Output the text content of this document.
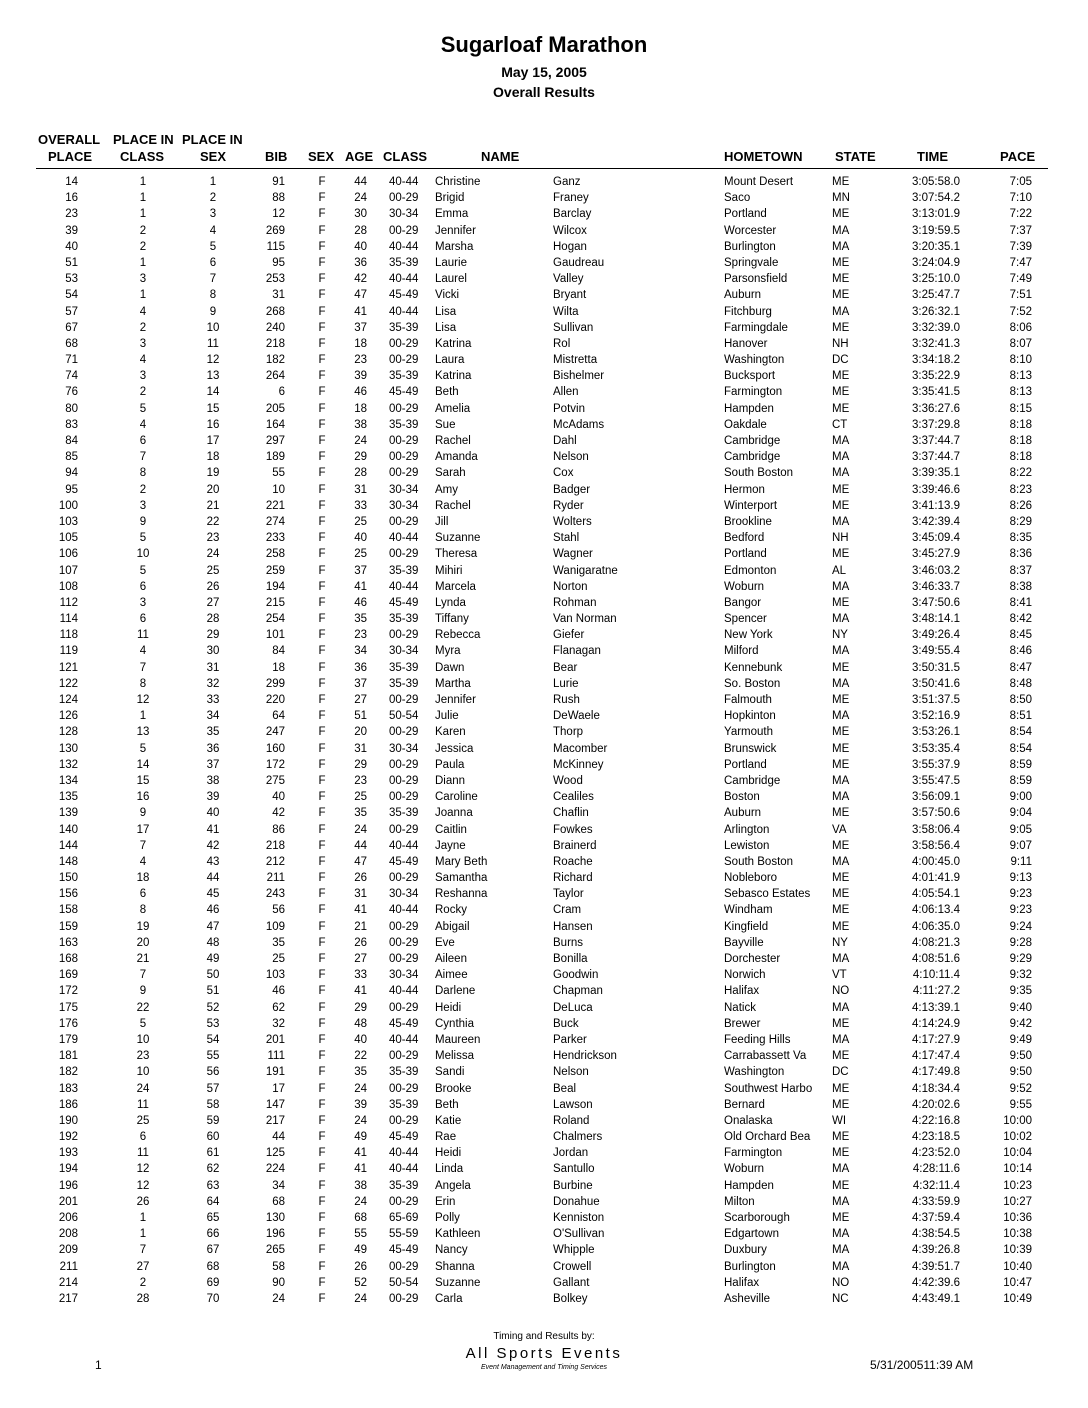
Sugarloaf Marathon
May 15, 2005
Overall Results
OVERALL PLACE IN PLACE IN
PLACE CLASS	SEX	BIB SEX AGE CLASS	NAME	HOMETOWN	STATE	TIME	PACE
14	1	1	91	F	44 40-44 Christine	Ganz	Mount Desert	ME	3:05:58.0	7:05
16	1	2	88	F	24 00-29 Brigid	Franey	Saco	MN	3:07:54.2	7:10
23	1	3	12	F	30 30-34 Emma	Barclay	Portland	ME	3:13:01.9	7:22
39	2	4	269	F	28 00-29 Jennifer	Wilcox	Worcester	MA	3:19:59.5	7:37
40	2	5	115	F	40 40-44 Marsha	Hogan	Burlington	MA	3:20:35.1	7:39
51	1	6	95	F	36 35-39 Laurie	Gaudreau	Springvale	ME	3:24:04.9	7:47
53	3	7	253	F	42 40-44 Laurel	Valley	Parsonsfield	ME	3:25:10.0	7:49
54	1	8	31	F	47 45-49 Vicki	Bryant	Auburn	ME	3:25:47.7	7:51
57	4	9	268	F	41 40-44 Lisa	Wilta	Fitchburg	MA	3:26:32.1	7:52
67	2	10	240	F	37 35-39 Lisa	Sullivan	Farmingdale	ME	3:32:39.0	8:06
68	3	11	218	F	18 00-29 Katrina	Rol	Hanover	NH	3:32:41.3	8:07
71	4	12	182	F	23 00-29 Laura	Mistretta	Washington	DC	3:34:18.2	8:10
74	3	13	264	F	39 35-39 Katrina	Bishelmer	Bucksport	ME	3:35:22.9	8:13
76	2	14	6	F	46 45-49 Beth	Allen	Farmington	ME	3:35:41.5	8:13
80	5	15	205	F	18 00-29 Amelia	Potvin	Hampden	ME	3:36:27.6	8:15
83	4	16	164	F	38 35-39 Sue	McAdams	Oakdale	CT	3:37:29.8	8:18
84	6	17	297	F	24 00-29 Rachel	Dahl	Cambridge	MA	3:37:44.7	8:18
85	7	18	189	F	29 00-29 Amanda	Nelson	Cambridge	MA	3:37:44.7	8:18
94	8	19	55	F	28 00-29 Sarah	Cox	South Boston	MA	3:39:35.1	8:22
95	2	20	10	F	31 30-34 Amy	Badger	Hermon	ME	3:39:46.6	8:23
100	3	21	221	F	33 30-34 Rachel	Ryder	Winterport	ME	3:41:13.9	8:26
103	9	22	274	F	25 00-29 Jill	Wolters	Brookline	MA	3:42:39.4	8:29
105	5	23	233	F	40 40-44 Suzanne	Stahl	Bedford	NH	3:45:09.4	8:35
106	10	24	258	F	25 00-29 Theresa	Wagner	Portland	ME	3:45:27.9	8:36
107	5	25	259	F	37 35-39 Mihiri	Wanigaratne	Edmonton	AL	3:46:03.2	8:37
108	6	26	194	F	41 40-44 Marcela	Norton	Woburn	MA	3:46:33.7	8:38
112	3	27	215	F	46 45-49 Lynda	Rohman	Bangor	ME	3:47:50.6	8:41
114	6	28	254	F	35 35-39 Tiffany	Van Norman	Spencer	MA	3:48:14.1	8:42
118	11	29	101	F	23 00-29 Rebecca	Giefer	New York	NY	3:49:26.4	8:45
119	4	30	84	F	34 30-34 Myra	Flanagan	Milford	MA	3:49:55.4	8:46
121	7	31	18	F	36 35-39 Dawn	Bear	Kennebunk	ME	3:50:31.5	8:47
122	8	32	299	F	37 35-39 Martha	Lurie	So. Boston	MA	3:50:41.6	8:48
124	12	33	220	F	27 00-29 Jennifer	Rush	Falmouth	ME	3:51:37.5	8:50
126	1	34	64	F	51 50-54 Julie	DeWaele	Hopkinton	MA	3:52:16.9	8:51
128	13	35	247	F	20 00-29 Karen	Thorp	Yarmouth	ME	3:53:26.1	8:54
130	5	36	160	F	31 30-34 Jessica	Macomber	Brunswick	ME	3:53:35.4	8:54
132	14	37	172	F	29 00-29 Paula	McKinney	Portland	ME	3:55:37.9	8:59
134	15	38	275	F	23 00-29 Diann	Wood	Cambridge	MA	3:55:47.5	8:59
135	16	39	40	F	25 00-29 Caroline	Cealiles	Boston	MA	3:56:09.1	9:00
139	9	40	42	F	35 35-39 Joanna	Chaflin	Auburn	ME	3:57:50.6	9:04
140	17	41	86	F	24 00-29 Caitlin	Fowkes	Arlington	VA	3:58:06.4	9:05
144	7	42	218	F	44 40-44 Jayne	Brainerd	Lewiston	ME	3:58:56.4	9:07
148	4	43	212	F	47 45-49 Mary Beth	Roache	South Boston	MA	4:00:45.0	9:11
150	18	44	211	F	26 00-29 Samantha	Richard	Nobleboro	ME	4:01:41.9	9:13
156	6	45	243	F	31 30-34 Reshanna	Taylor	Sebasco Estates ME	4:05:54.1	9:23
158	8	46	56	F	41 40-44 Rocky	Cram	Windham	ME	4:06:13.4	9:23
159	19	47	109	F	21 00-29 Abigail	Hansen	Kingfield	ME	4:06:35.0	9:24
163	20	48	35	F	26 00-29 Eve	Burns	Bayville	NY	4:08:21.3	9:28
168	21	49	25	F	27 00-29 Aileen	Bonilla	Dorchester	MA	4:08:51.6	9:29
169	7	50	103	F	33 30-34 Aimee	Goodwin	Norwich	VT	4:10:11.4	9:32
172	9	51	46	F	41 40-44 Darlene	Chapman	Halifax	NO	4:11:27.2	9:35
175	22	52	62	F	29 00-29 Heidi	DeLuca	Natick	MA	4:13:39.1	9:40
176	5	53	32	F	48 45-49 Cynthia	Buck	Brewer	ME	4:14:24.9	9:42
179	10	54	201	F	40 40-44 Maureen	Parker	Feeding Hills	MA	4:17:27.9	9:49
181	23	55	111	F	22 00-29 Melissa	Hendrickson	Carrabassett Va ME	4:17:47.4	9:50
182	10	56	191	F	35 35-39 Sandi	Nelson	Washington	DC	4:17:49.8	9:50
183	24	57	17	F	24 00-29 Brooke	Beal	Southwest Harbo ME	4:18:34.4	9:52
186	11	58	147	F	39 35-39 Beth	Lawson	Bernard	ME	4:20:02.6	9:55
190	25	59	217	F	24 00-29 Katie	Roland	Onalaska	WI	4:22:16.8	10:00
192	6	60	44	F	49 45-49 Rae	Chalmers	Old Orchard Bea ME	4:23:18.5	10:02
193	11	61	125	F	41 40-44 Heidi	Jordan	Farmington	ME	4:23:52.0	10:04
194	12	62	224	F	41 40-44 Linda	Santullo	Woburn	MA	4:28:11.6	10:14
196	12	63	34	F	38 35-39 Angela	Burbine	Hampden	ME	4:32:11.4	10:23
201	26	64	68	F	24 00-29 Erin	Donahue	Milton	MA	4:33:59.9	10:27
206	1	65	130	F	68 65-69 Polly	Kenniston	Scarborough	ME	4:37:59.4	10:36
208	1	66	196	F	55 55-59 Kathleen	O'Sullivan	Edgartown	MA	4:38:54.5	10:38
209	7	67	265	F	49 45-49 Nancy	Whipple	Duxbury	MA	4:39:26.8	10:39
211	27	68	58	F	26 00-29 Shanna	Crowell	Burlington	MA	4:39:51.7	10:40
214	2	69	90	F	52 50-54 Suzanne	Gallant	Halifax	NO	4:42:39.6	10:47
217	28	70	24	F	24 00-29 Carla	Bolkey	Asheville	NC	4:43:49.1	10:49
Timing and Results by:
All Sports Events
Event Management and Timing Services
1	5/31/200511:39 AM
